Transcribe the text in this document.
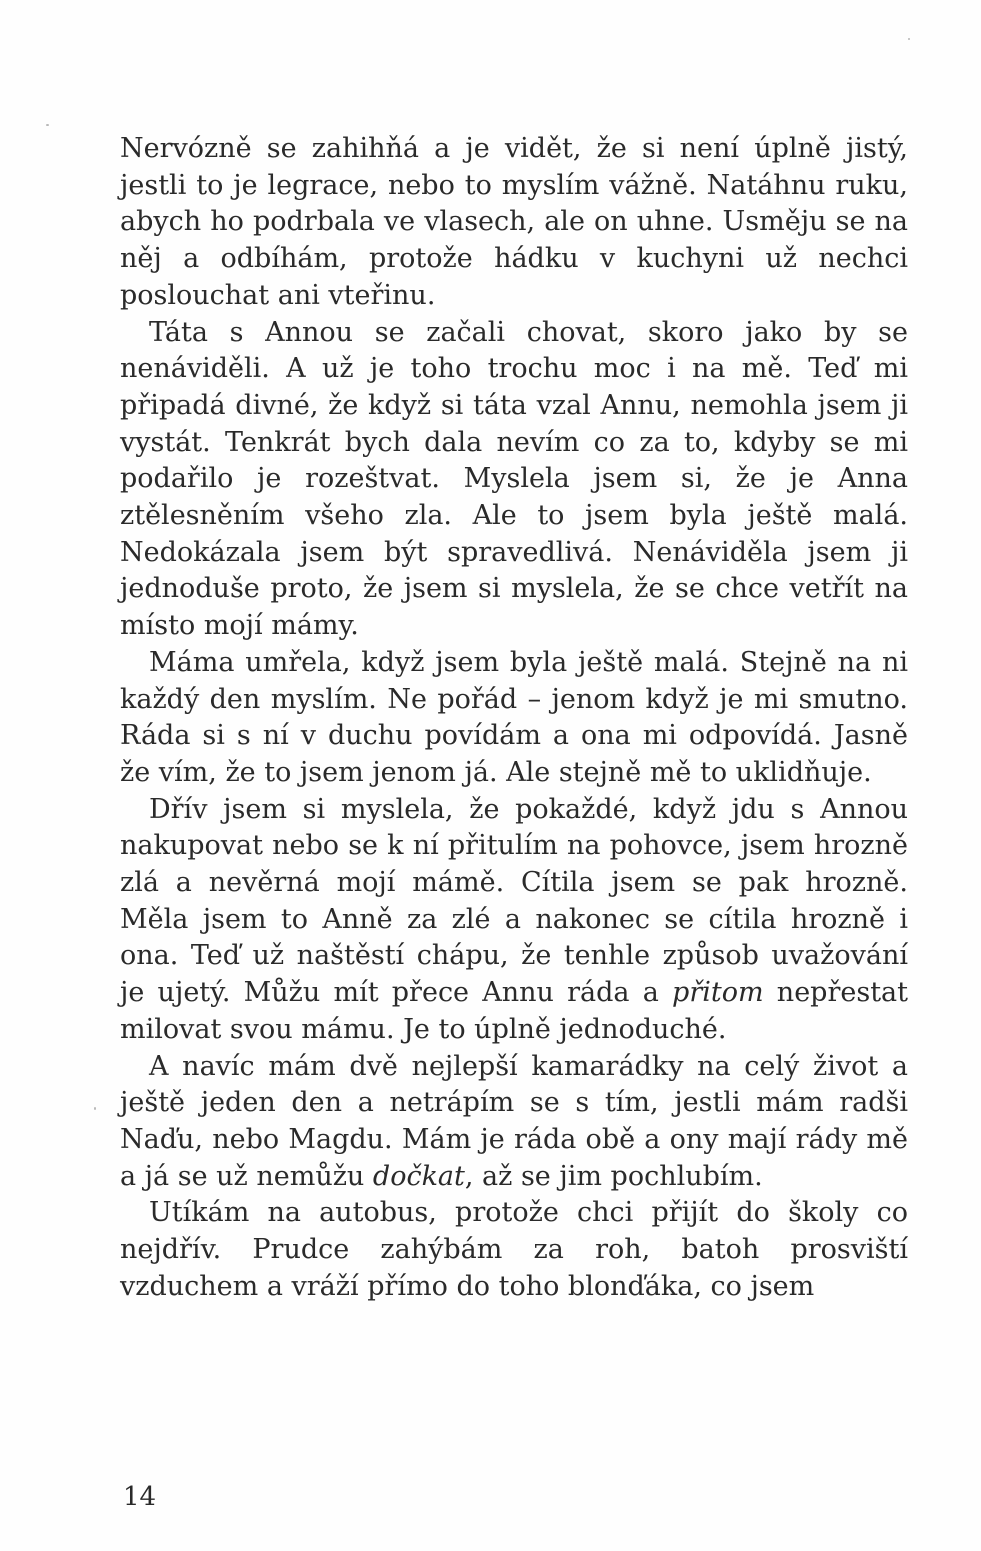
Nervózně se zahihňá a je vidět, že si není úplně jistý, jestli to je legrace, nebo to myslím vážně. Natáhnu ruku, abych ho podrbala ve vlasech, ale on uhne. Usměju se na něj a odbíhám, protože hádku v kuchyni už nechci poslouchat ani vteřinu.

Táta s Annou se začali chovat, skoro jako by se nenáviděli. A už je toho trochu moc i na mě. Teď mi připadá divné, že když si táta vzal Annu, nemohla jsem ji vystát. Tenkrát bych dala nevím co za to, kdyby se mi podařilo je rozeštvat. Myslela jsem si, že je Anna ztělesněním všeho zla. Ale to jsem byla ještě malá. Nedokázala jsem být spravedlivá. Nenáviděla jsem ji jednoduše proto, že jsem si myslela, že se chce vetřít na místo mojí mámy.

Máma umřela, když jsem byla ještě malá. Stejně na ni každý den myslím. Ne pořád – jenom když je mi smutno. Ráda si s ní v duchu povídám a ona mi odpovídá. Jasně že vím, že to jsem jenom já. Ale stejně mě to uklidňuje.

Dřív jsem si myslela, že pokaždé, když jdu s Annou nakupovat nebo se k ní přitulím na pohovce, jsem hrozně zlá a nevěrná mojí mámě. Cítila jsem se pak hrozně. Měla jsem to Anně za zlé a nakonec se cítila hrozně i ona. Teď už naštěstí chápu, že tenhle způsob uvažování je ujetý. Můžu mít přece Annu ráda a přitom nepřestat milovat svou mámu. Je to úplně jednoduché.

A navíc mám dvě nejlepší kamarádky na celý život a ještě jeden den a netrápím se s tím, jestli mám radši Naďu, nebo Magdu. Mám je ráda obě a ony mají rády mě a já se už nemůžu dočkat, až se jim pochlubím.

Utíkám na autobus, protože chci přijít do školy co nejdřív. Prudce zahýbám za roh, batoh prosviští vzduchem a vráží přímo do toho blonďáka, co jsem

14
